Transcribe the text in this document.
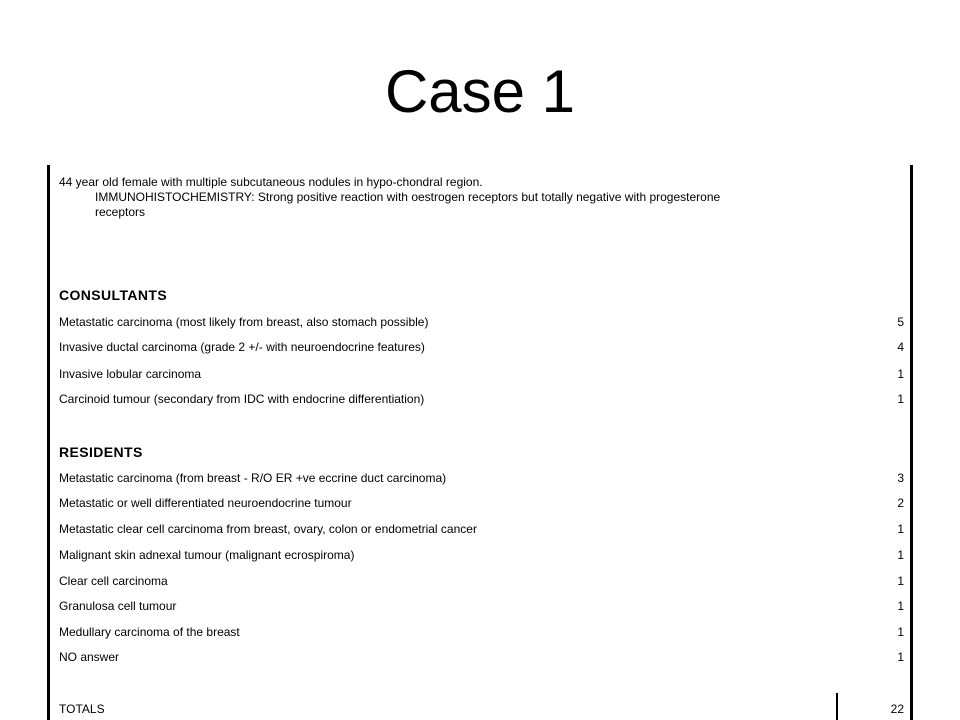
Case 1
44 year old female with multiple subcutaneous nodules in hypo-chondral region.
IMMUNOHISTOCHEMISTRY: Strong positive reaction with oestrogen receptors but totally negative with progesterone
receptors
CONSULTANTS
Metastatic carcinoma (most likely from breast, also stomach possible)	5
Invasive ductal carcinoma (grade 2 +/- with neuroendocrine features)	4
Invasive lobular carcinoma	1
Carcinoid tumour (secondary from IDC with endocrine differentiation)	1
RESIDENTS
Metastatic carcinoma (from breast - R/O ER +ve eccrine duct carcinoma)	3
Metastatic or well differentiated neuroendocrine tumour	2
Metastatic clear cell carcinoma from breast, ovary, colon or endometrial cancer	1
Malignant skin adnexal tumour (malignant ecrospiroma)	1
Clear cell carcinoma	1
Granulosa cell tumour	1
Medullary carcinoma of the breast	1
NO answer	1
TOTALS	22
